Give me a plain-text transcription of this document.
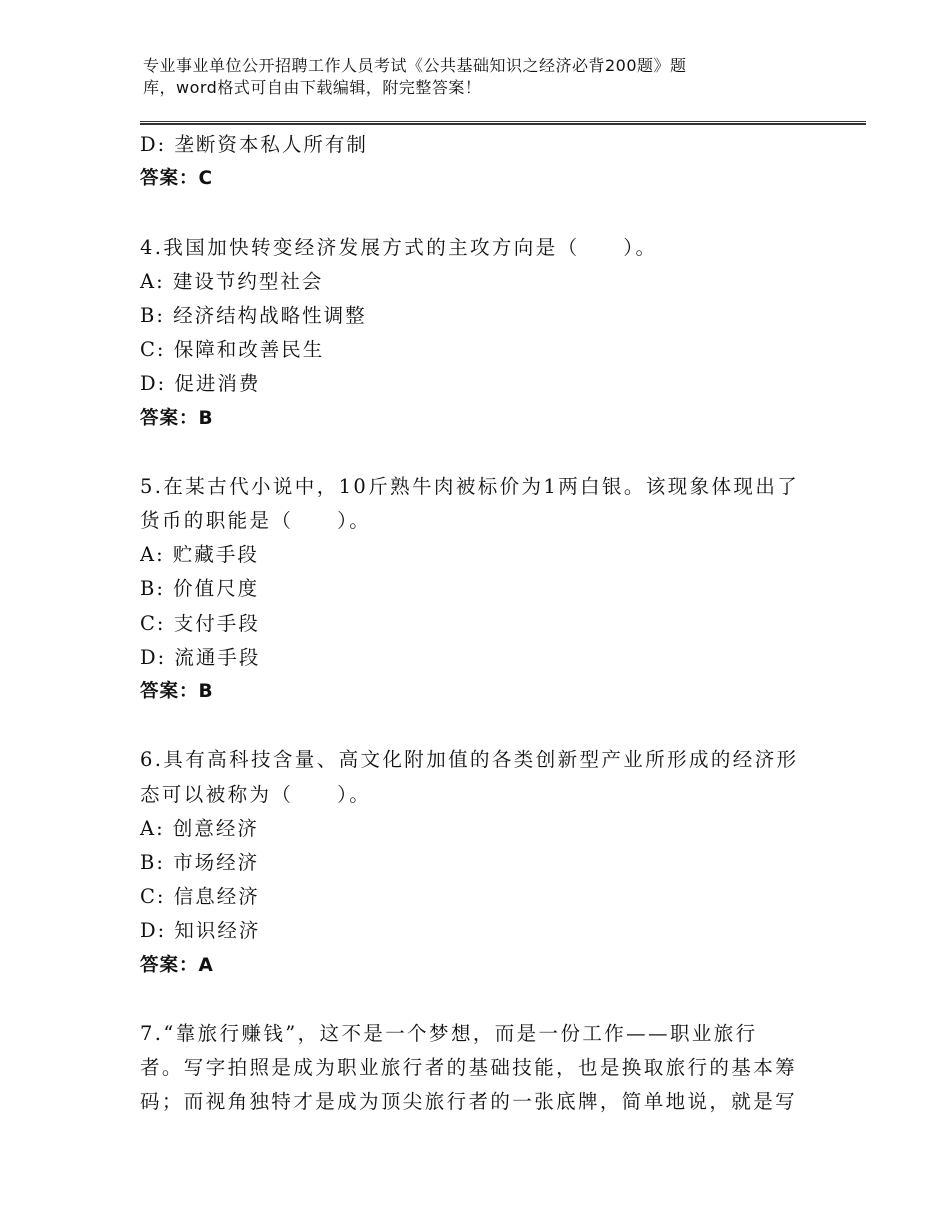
专业事业单位公开招聘工作人员考试《公共基础知识之经济必背200题》题
库，word格式可自由下载编辑，附完整答案！
D: 垄断资本私人所有制
答案：C
4.我国加快转变经济发展方式的主攻方向是（　　）。
A: 建设节约型社会
B: 经济结构战略性调整
C: 保障和改善民生
D: 促进消费
答案：B
5.在某古代小说中，10斤熟牛肉被标价为1两白银。该现象体现出了
货币的职能是（　　）。
A: 贮藏手段
B: 价值尺度
C: 支付手段
D: 流通手段
答案：B
6.具有高科技含量、高文化附加值的各类创新型产业所形成的经济形
态可以被称为（　　）。
A: 创意经济
B: 市场经济
C: 信息经济
D: 知识经济
答案：A
7.“靠旅行赚钱”，这不是一个梦想，而是一份工作——职业旅行
者。写字拍照是成为职业旅行者的基础技能，也是换取旅行的基本筹
码；而视角独特才是成为顶尖旅行者的一张底牌，简单地说，就是写
